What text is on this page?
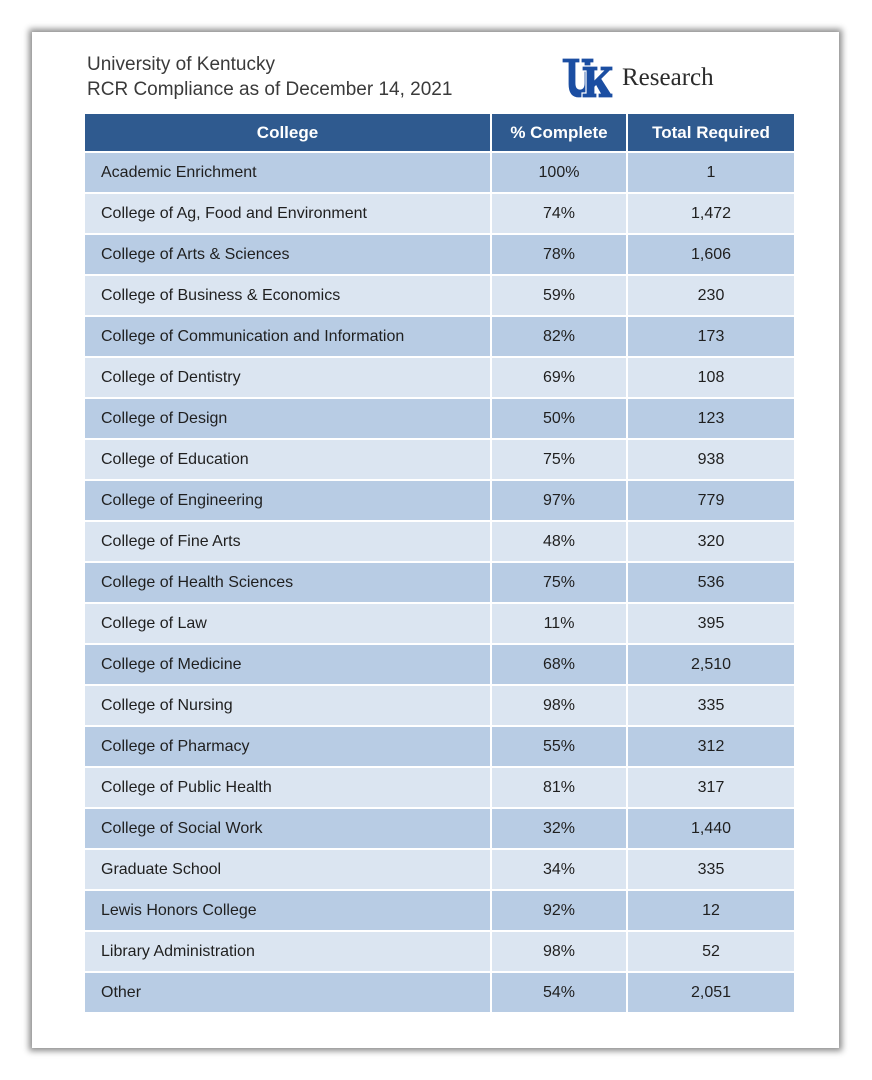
University of Kentucky
RCR Compliance as of December 14, 2021	Research
College	% Complete	Total Required
Academic Enrichment	100%	1
College of Ag, Food and Environment	74%	1,472
College of Arts & Sciences	78%	1,606
College of Business & Economics	59%	230
College of Communication and Information	82%	173
College of Dentistry	69%	108
College of Design	50%	123
College of Education	75%	938
College of Engineering	97%	779
College of Fine Arts	48%	320
College of Health Sciences	75%	536
College of Law	11%	395
College of Medicine	68%	2,510
College of Nursing	98%	335
College of Pharmacy	55%	312
College of Public Health	81%	317
College of Social Work	32%	1,440
Graduate School	34%	335
Lewis Honors College	92%	12
Library Administration	98%	52
Other	54%	2,051
